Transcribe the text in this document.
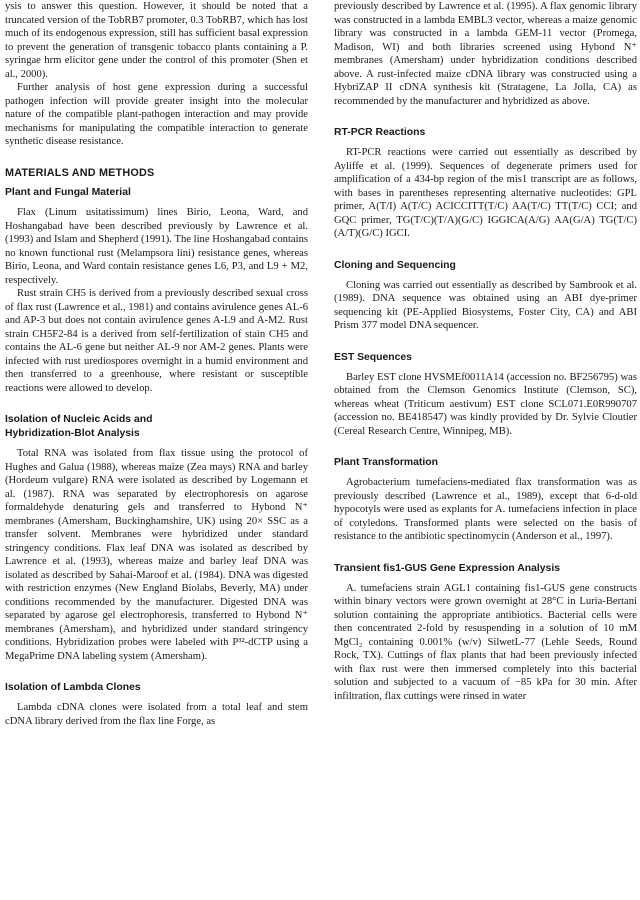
ysis to answer this question. However, it should be noted that a truncated version of the TobRB7 promoter, 0.3 TobRB7, which has lost much of its endogenous expression, still has sufficient basal expression to prevent the generation of transgenic tobacco plants containing a P. syringae hrm elicitor gene under the control of this promoter (Shen et al., 2000).

Further analysis of host gene expression during a successful pathogen infection will provide greater insight into the molecular nature of the compatible plant-pathogen interaction and may provide mechanisms for manipulating the compatible interaction to generate synthetic disease resistance.

MATERIALS AND METHODS
Plant and Fungal Material

Flax (Linum usitatissimum) lines Birio, Leona, Ward, and Hoshangabad have been described previously by Lawrence et al. (1993) and Islam and Shepherd (1991). The line Hoshangabad contains no known functional rust (Melampsora lini) resistance genes, whereas Birio, Leona, and Ward contain resistance genes L6, P3, and L9 + M2, respectively.

Rust strain CH5 is derived from a previously described sexual cross of flax rust (Lawrence et al., 1981) and contains avirulence genes AL-6 and AP-3 but does not contain avirulence genes A-L9 and A-M2. Rust strain CH5F2-84 is a derived from self-fertilization of stain CH5 and contains the AL-6 gene but neither AL-9 nor AM-2 genes. Plants were infected with rust urediospores overnight in a humid environment and then transferred to a greenhouse, where resistant or susceptible reactions were allowed to develop.

Isolation of Nucleic Acids and
Hybridization-Blot Analysis

Total RNA was isolated from flax tissue using the protocol of Hughes and Galua (1988), whereas maize (Zea mays) RNA and barley (Hordeum vulgare) RNA were isolated as described by Logemann et al. (1987). RNA was separated by electrophoresis on agarose formaldehyde denaturing gels and transferred to Hybond N⁺ membranes (Amersham, Buckinghamshire, UK) using 20× SSC as a transfer solvent. Membranes were hybridized under standard stringency conditions. Flax leaf DNA was isolated as described by Lawrence et al. (1993), whereas maize and barley leaf DNA was isolated as described by Sahai-Maroof et al. (1984). DNA was digested with restriction enzymes (New England Biolabs, Beverly, MA) under conditions recommended by the manufacturer. Digested DNA was separated by agarose gel electrophoresis, transferred to Hybond N⁺ membranes (Amersham), and hybridized under standard stringency conditions. Hybridization probes were labeled with P³²-dCTP using a MegaPrime DNA labeling system (Amersham).

Isolation of Lambda Clones

Lambda cDNA clones were isolated from a total leaf and stem cDNA library derived from the flax line Forge, as

previously described by Lawrence et al. (1995). A flax genomic library was constructed in a lambda EMBL3 vector, whereas a maize genomic library was constructed in a lambda GEM-11 vector (Promega, Madison, WI) and both libraries screened using Hybond N⁺ membranes (Amersham) under hybridization conditions described above. A rust-infected maize cDNA library was constructed using a HybriZAP II cDNA synthesis kit (Stratagene, La Jolla, CA) as recommended by the manufacturer and hybridized as above.

RT-PCR Reactions

RT-PCR reactions were carried out essentially as described by Ayliffe et al. (1999). Sequences of degenerate primers used for amplification of a 434-bp region of the mis1 transcript are as follows, with bases in parentheses representing alternative nucleotides: GPL primer, A(T/I) A(T/C) ACICCITT(T/C) AA(T/C) TT(T/C) CCI; and GQC primer, TG(T/C)(T/A)(G/C) IGGICA(A/G) AA(G/A) TG(T/C)(A/T)(G/C) IGCI.

Cloning and Sequencing

Cloning was carried out essentially as described by Sambrook et al. (1989). DNA sequence was obtained using an ABI dye-primer sequencing kit (PE-Applied Biosystems, Foster City, CA) and ABI Prism 377 model DNA sequencer.

EST Sequences

Barley EST clone HVSMEf0011A14 (accession no. BF256795) was obtained from the Clemson Genomics Institute (Clemson, SC), whereas wheat (Triticum aestivum) EST clone SCL071.E0R990707 (accession no. BE418547) was kindly provided by Dr. Sylvie Cloutier (Cereal Research Centre, Winnipeg, MB).

Plant Transformation

Agrobacterium tumefaciens-mediated flax transformation was as previously described (Lawrence et al., 1989), except that 6-d-old hypocotyls were used as explants for A. tumefaciens infection in place of cotyledons. Transformed plants were selected on the basis of resistance to the antibiotic spectinomycin (Anderson et al., 1997).

Transient fis1-GUS Gene Expression Analysis

A. tumefaciens strain AGL1 containing fis1-GUS gene constructs within binary vectors were grown overnight at 28°C in Luria-Bertani solution containing the appropriate antibiotics. Bacterial cells were then concentrated 2-fold by resuspending in a solution of 10 mM MgCl₂ containing 0.001% (w/v) SilwetL-77 (Lehle Seeds, Round Rock, TX). Cuttings of flax plants that had been previously infected with flax rust were then immersed completely into this bacterial solution and subjected to a vacuum of −85 kPa for 30 min. After infiltration, flax cuttings were rinsed in water
